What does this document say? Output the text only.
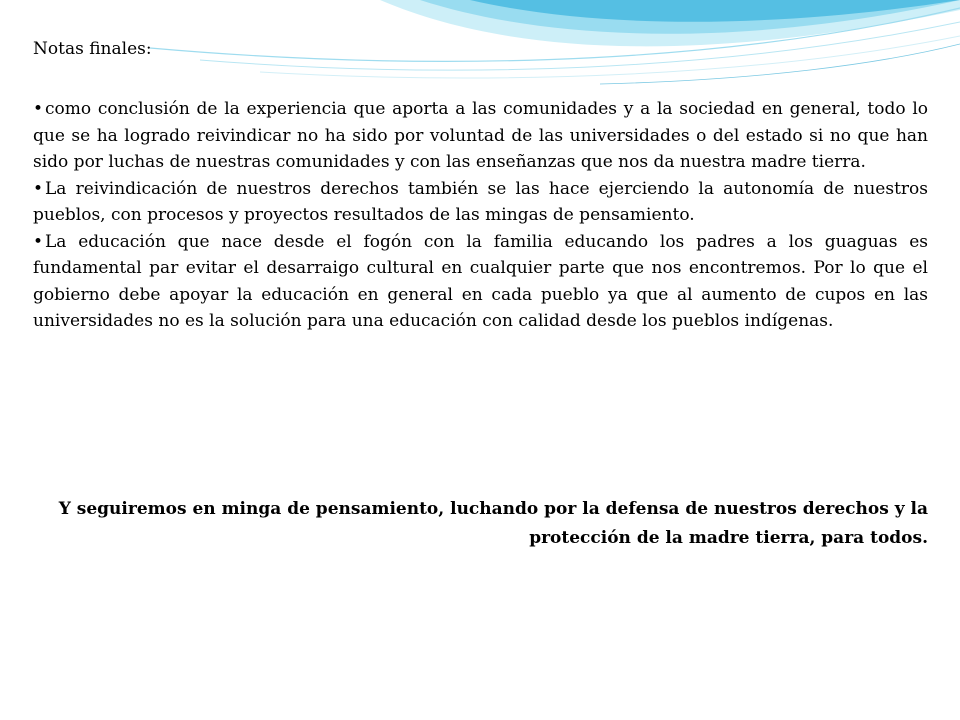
Notas finales:
• como conclusión de la experiencia que aporta a las comunidades y a la sociedad en general, todo lo que se ha logrado reivindicar no ha sido por voluntad de las universidades o del estado si no que han sido por luchas de nuestras comunidades y con las enseñanzas que nos da nuestra madre tierra.
• La reivindicación de nuestros derechos también se las hace ejerciendo la autonomía de nuestros pueblos, con procesos y proyectos resultados de las mingas de pensamiento.
• La educación que nace desde el fogón con la familia educando los padres a los guaguas es fundamental par evitar el desarraigo cultural en cualquier parte que nos encontremos. Por lo que el gobierno debe apoyar la educación en general en cada pueblo ya que al aumento de cupos en las universidades no es la solución para una educación con calidad desde los pueblos indígenas.

Y seguiremos en minga de pensamiento, luchando por la defensa de nuestros derechos y la protección de la madre tierra, para todos.
